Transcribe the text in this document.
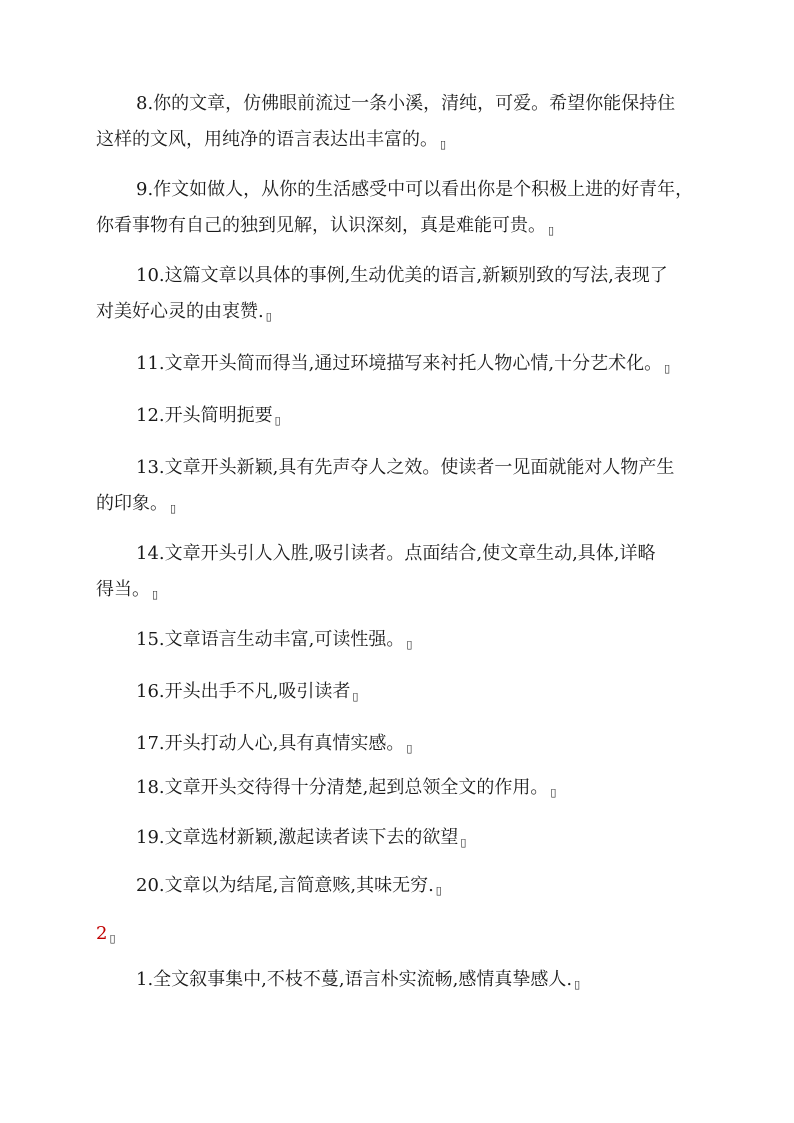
8.你的文章，仿佛眼前流过一条小溪，清纯，可爱。希望你能保持住
这样的文风，用纯净的语言表达出丰富的。 ▯
9.作文如做人，从你的生活感受中可以看出你是个积极上进的好青年，
你看事物有自己的独到见解，认识深刻，真是难能可贵。 ▯
10.这篇文章以具体的事例,生动优美的语言,新颖别致的写法,表现了
对美好心灵的由衷赞. ▯
11.文章开头简而得当,通过环境描写来衬托人物心情,十分艺术化。 ▯
12.开头简明扼要 ▯
13.文章开头新颖,具有先声夺人之效。使读者一见面就能对人物产生
的印象。 ▯
14.文章开头引人入胜,吸引读者。点面结合,使文章生动,具体,详略
得当。 ▯
15.文章语言生动丰富,可读性强。 ▯
16.开头出手不凡,吸引读者 ▯
17.开头打动人心,具有真情实感。 ▯
18.文章开头交待得十分清楚,起到总领全文的作用。 ▯
19.文章选材新颖,激起读者读下去的欲望 ▯
20.文章以为结尾,言简意赅,其味无穷. ▯
2 ▯
1.全文叙事集中,不枝不蔓,语言朴实流畅,感情真挚感人. ▯
